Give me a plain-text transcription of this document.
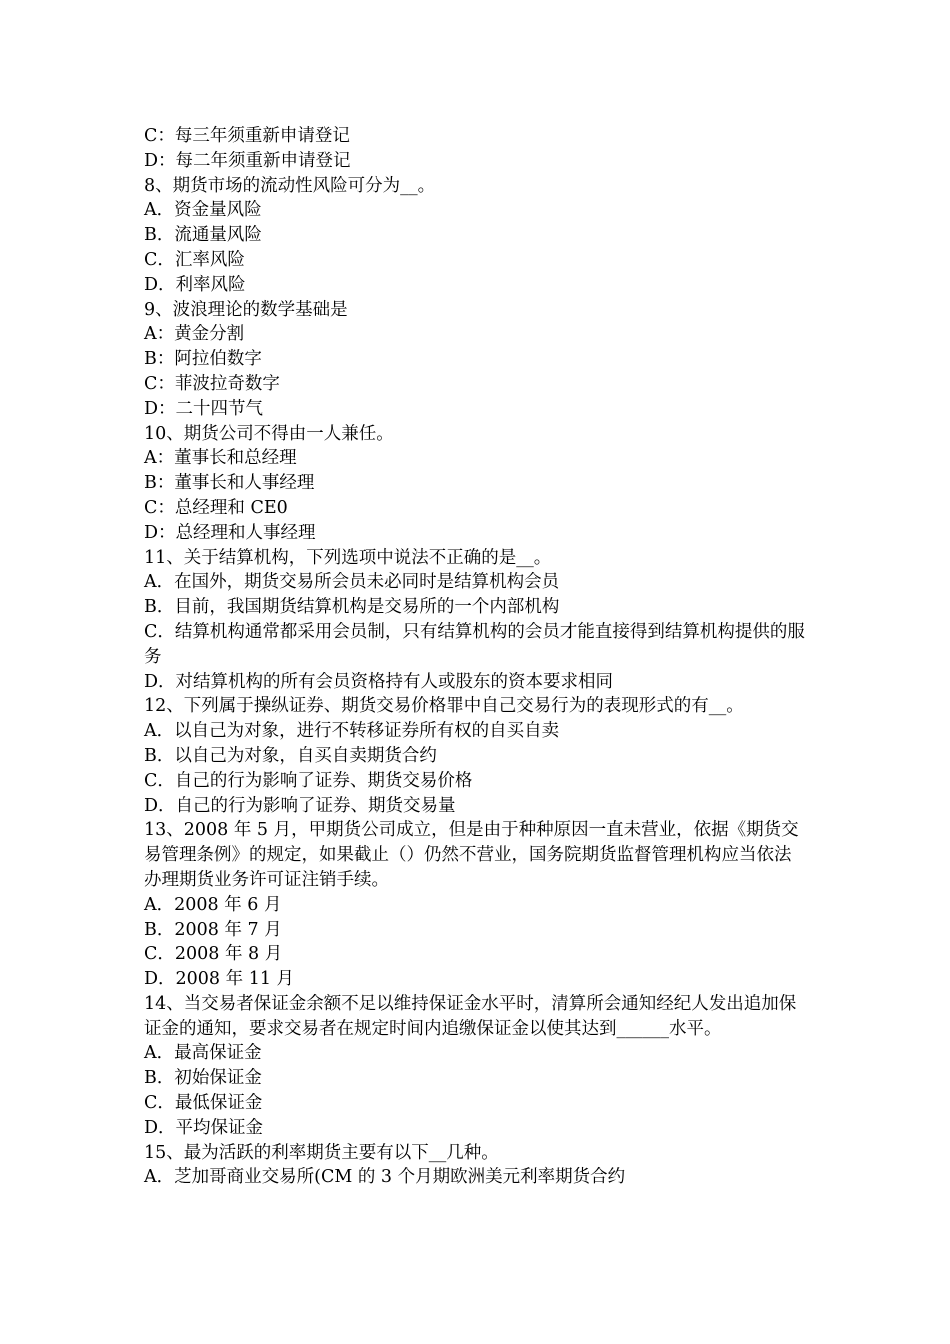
C：每三年须重新申请登记

D：每二年须重新申请登记

8、期货市场的流动性风险可分为__。

A．资金量风险

B．流通量风险

C．汇率风险

D．利率风险

9、波浪理论的数学基础是

A：黄金分割

B：阿拉伯数字

C：菲波拉奇数字

D：二十四节气

10、期货公司不得由一人兼任。

A：董事长和总经理

B：董事长和人事经理

C：总经理和 CE0

D：总经理和人事经理

11、关于结算机构，下列选项中说法不正确的是__。

A．在国外，期货交易所会员未必同时是结算机构会员

B．目前，我国期货结算机构是交易所的一个内部机构

C．结算机构通常都采用会员制，只有结算机构的会员才能直接得到结算机构提供的服务

D．对结算机构的所有会员资格持有人或股东的资本要求相同

12、下列属于操纵证券、期货交易价格罪中自己交易行为的表现形式的有__。

A．以自己为对象，进行不转移证券所有权的自买自卖

B．以自己为对象，自买自卖期货合约

C．自己的行为影响了证券、期货交易价格

D．自己的行为影响了证券、期货交易量

13、2008 年 5 月，甲期货公司成立，但是由于种种原因一直未营业，依据《期货交易管理条例》的规定，如果截止（）仍然不营业，国务院期货监督管理机构应当依法办理期货业务许可证注销手续。

A．2008 年 6 月

B．2008 年 7 月

C．2008 年 8 月

D．2008 年 11 月

14、当交易者保证金余额不足以维持保证金水平时，清算所会通知经纪人发出追加保证金的通知，要求交易者在规定时间内追缴保证金以使其达到______水平。

A．最高保证金

B．初始保证金

C．最低保证金

D．平均保证金

15、最为活跃的利率期货主要有以下__几种。

A．芝加哥商业交易所(CM 的 3 个月期欧洲美元利率期货合约
